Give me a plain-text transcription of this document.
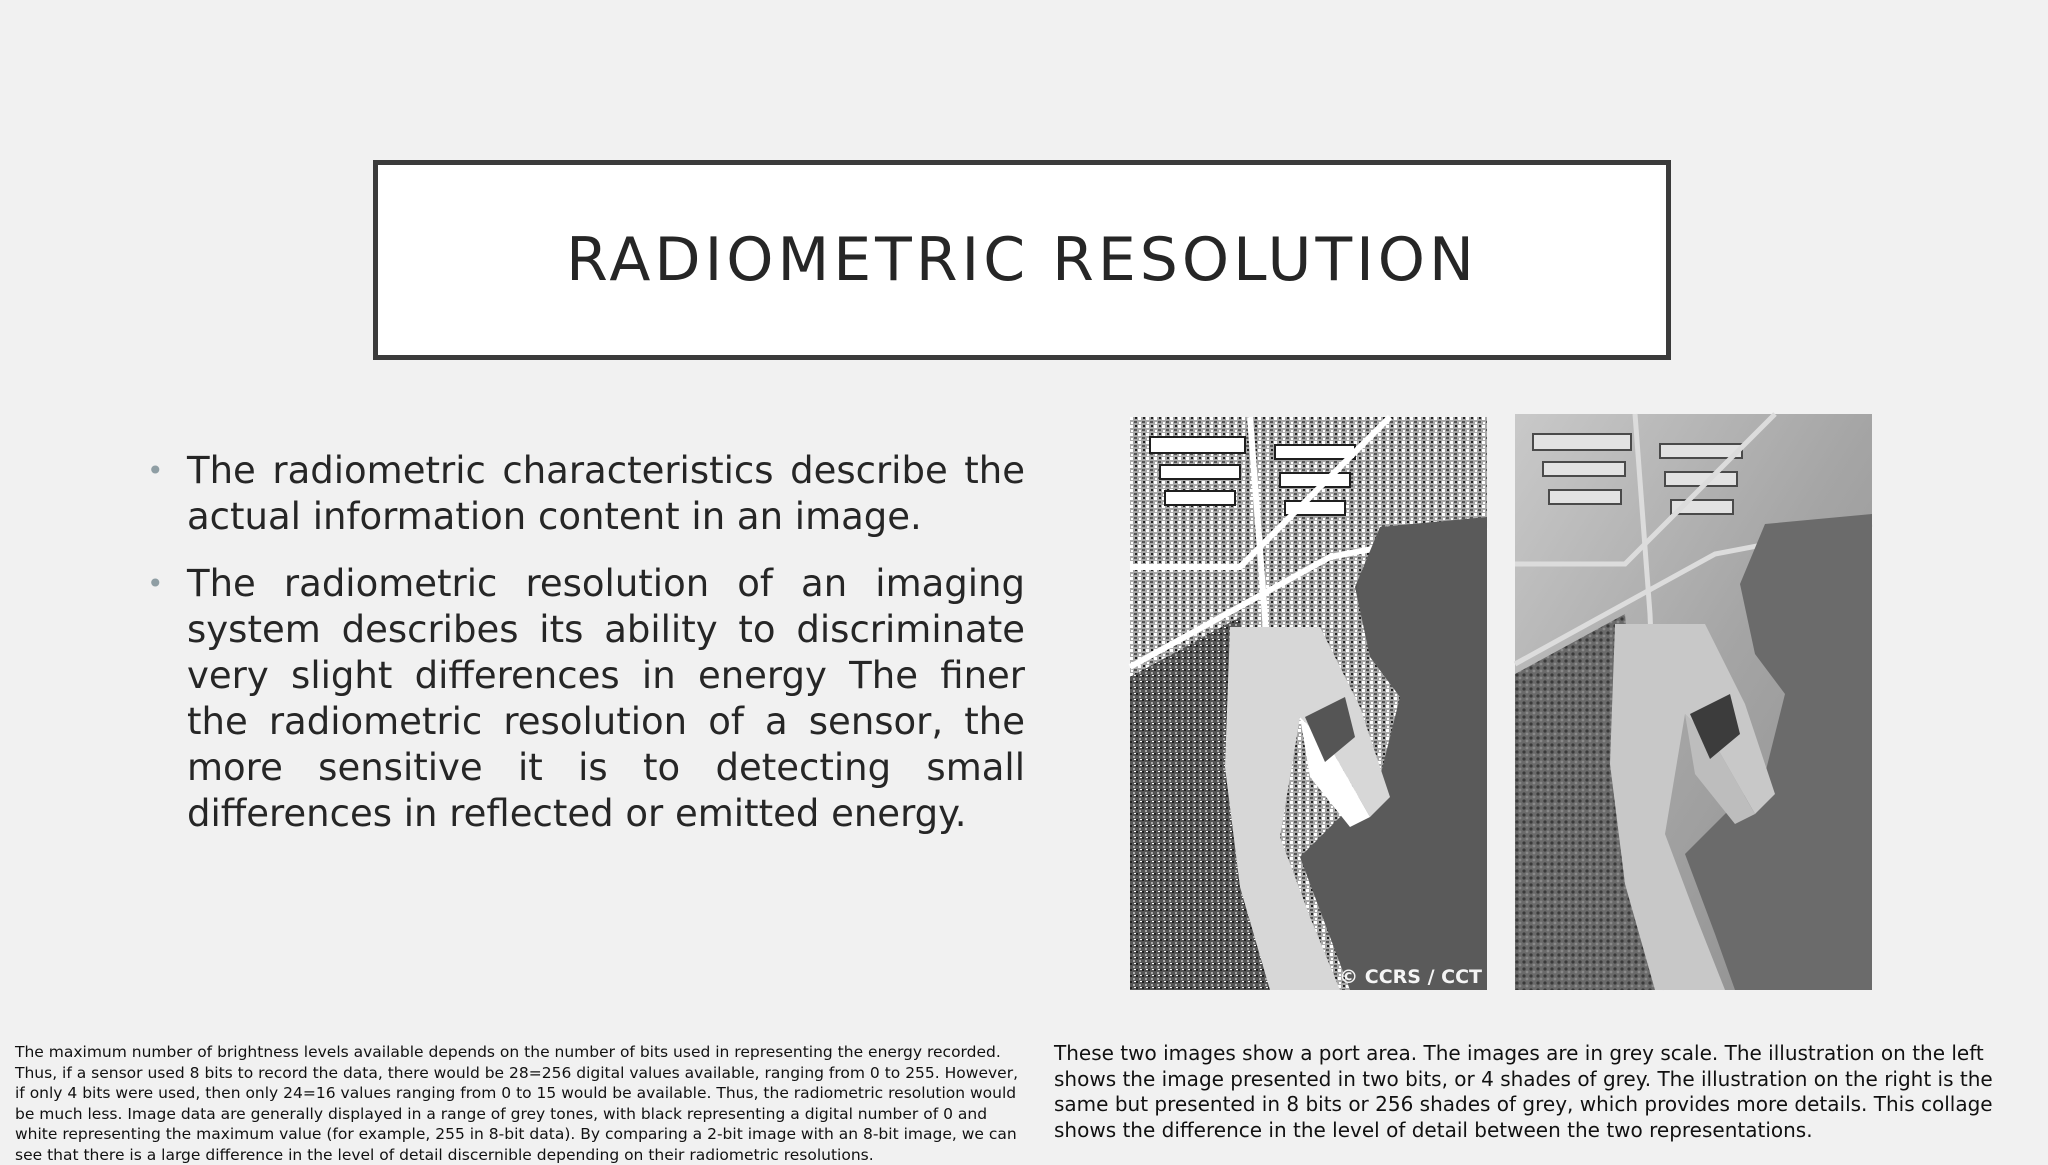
RADIOMETRIC RESOLUTION
• The radiometric characteristics describe the actual information content in an image.
• The radiometric resolution of an imaging system describes its ability to discriminate very slight differences in energy The finer the radiometric resolution of a sensor, the more sensitive it is to detecting small differences in reflected or emitted energy.
© CCRS / CCT
The maximum number of brightness levels available depends on the number of bits used in representing the energy recorded. Thus, if a sensor used 8 bits to record the data, there would be 28=256 digital values available, ranging from 0 to 255. However, if only 4 bits were used, then only 24=16 values ranging from 0 to 15 would be available. Thus, the radiometric resolution would be much less. Image data are generally displayed in a range of grey tones, with black representing a digital number of 0 and white representing the maximum value (for example, 255 in 8-bit data). By comparing a 2-bit image with an 8-bit image, we can see that there is a large difference in the level of detail discernible depending on their radiometric resolutions.
These two images show a port area. The images are in grey scale. The illustration on the left shows the image presented in two bits, or 4 shades of grey. The illustration on the right is the same but presented in 8 bits or 256 shades of grey, which provides more details. This collage shows the difference in the level of detail between the two representations.
